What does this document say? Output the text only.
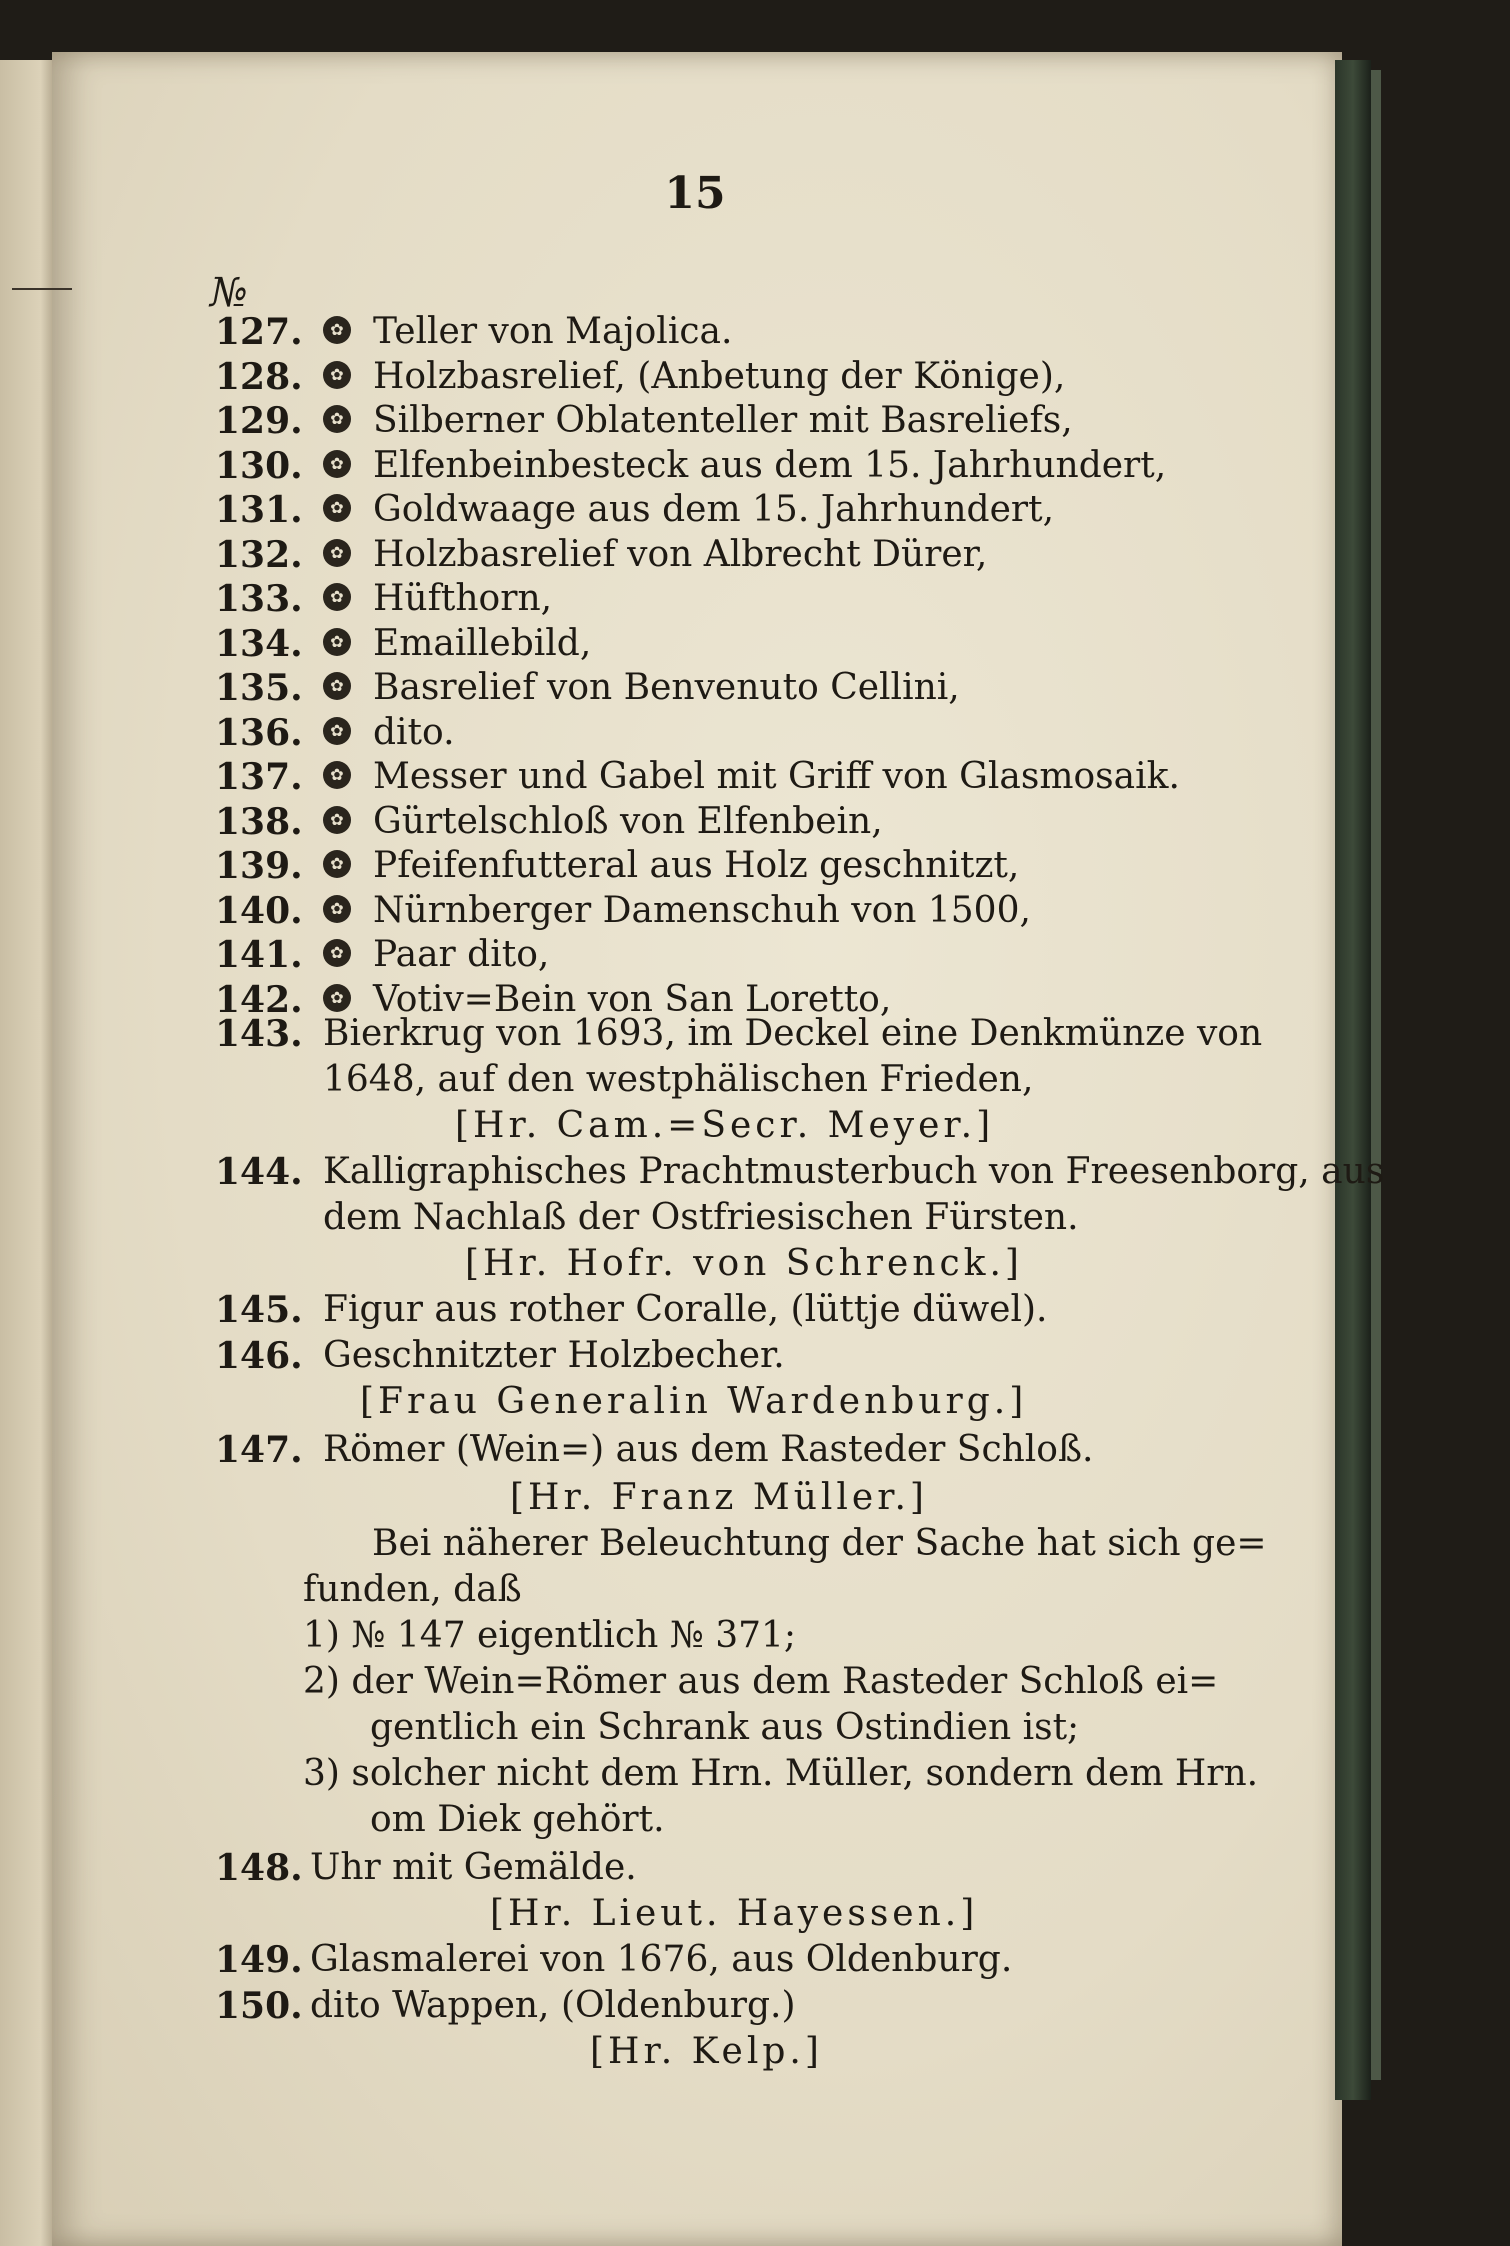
15
№
127.	✿ Teller von Majolica.
128.	✿ Holzbasrelief, (Anbetung der Könige),
129.	✿ Silberner Oblatenteller mit Basreliefs,
130.	✿ Elfenbeinbesteck aus dem 15. Jahrhundert,
131.	✿ Goldwaage aus dem 15. Jahrhundert,
132.	✿ Holzbasrelief von Albrecht Dürer,
133.	✿ Hüfthorn,
134.	✿ Emaillebild,
135.	✿ Basrelief von Benvenuto Cellini,
136.	✿ dito.
137.	✿ Messer und Gabel mit Griff von Glasmosaik.
138.	✿ Gürtelschloß von Elfenbein,
139.	✿ Pfeifenfutteral aus Holz geschnitzt,
140.	✿ Nürnberger Damenschuh von 1500,
141.	✿ Paar dito,
142.	✿ Votiv=Bein von San Loretto,
143. Bierkrug von 1693, im Deckel eine Denkmünze von
1648, auf den westphälischen Frieden,
[Hr. Cam.=Secr. Meyer.]
144. Kalligraphisches Prachtmusterbuch von Freesenborg, aus
dem Nachlaß der Ostfriesischen Fürsten.
[Hr. Hofr. von Schrenck.]
145. Figur aus rother Coralle, (lüttje düwel).
146. Geschnitzter Holzbecher.
[Frau Generalin Wardenburg.]
147. Römer (Wein=) aus dem Rasteder Schloß.
[Hr. Franz Müller.]
Bei näherer Beleuchtung der Sache hat sich ge=
funden, daß
1) № 147 eigentlich № 371;
2) der Wein=Römer aus dem Rasteder Schloß ei=
gentlich ein Schrank aus Ostindien ist;
3) solcher nicht dem Hrn. Müller, sondern dem Hrn.
om Diek gehört.
148. Uhr mit Gemälde.
[Hr. Lieut. Hayessen.]
149. Glasmalerei von 1676, aus Oldenburg.
150. dito Wappen, (Oldenburg.)
[Hr. Kelp.]
